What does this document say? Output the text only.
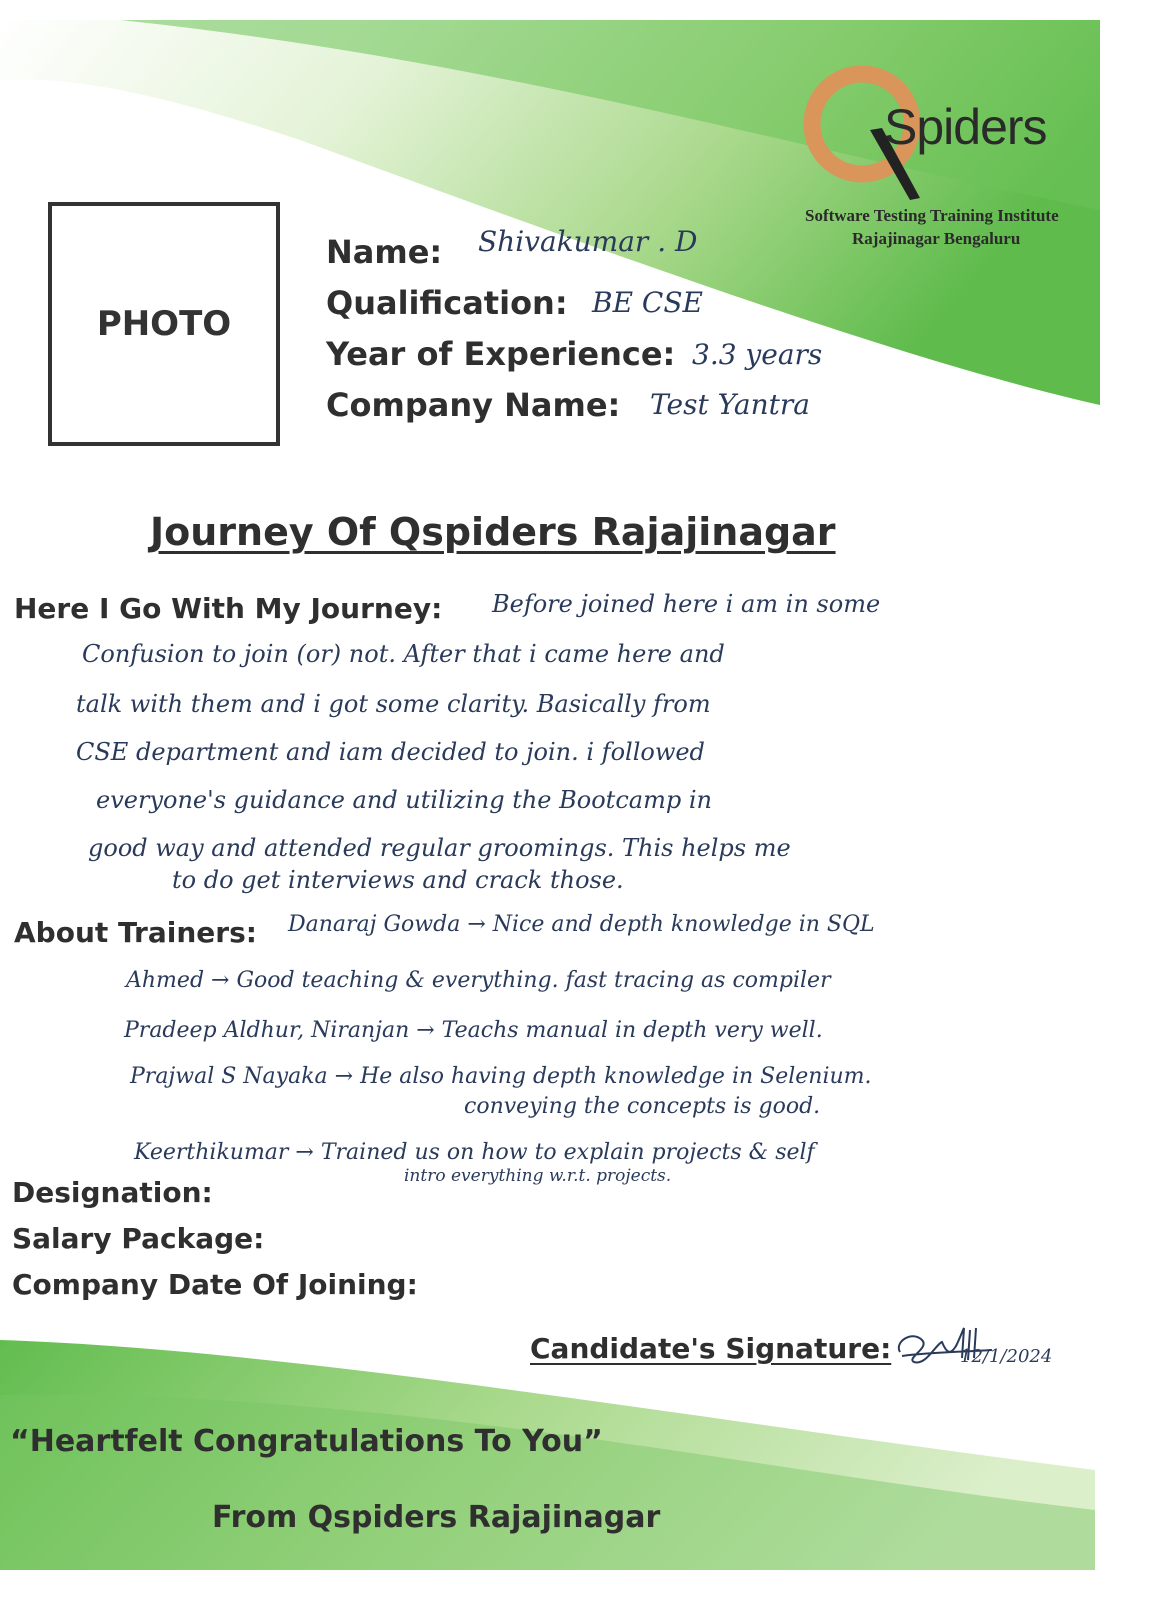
Spiders
Software Testing Training Institute
Rajajinagar Bengaluru
PHOTO
Name: Shivakumar . D
Qualification: BE CSE
Year of Experience: 3.3 years
Company Name: Test Yantra
Journey Of Qspiders Rajajinagar
Here I Go With My Journey: Before joined here i am in some
Confusion to join (or) not. After that i came here and
talk with them and i got some clarity. Basically from
CSE department and iam decided to join. i followed
everyone's guidance and utilizing the Bootcamp in
good way and attended regular groomings. This helps me
to do get interviews and crack those.
About Trainers: Danaraj Gowda → Nice and depth knowledge in SQL
Ahmed → Good teaching & everything. fast tracing as compiler
Pradeep Aldhur, Niranjan → Teachs manual in depth very well.
Prajwal S Nayaka → He also having depth knowledge in Selenium.
conveying the concepts is good.
Keerthikumar → Trained us on how to explain projects & self
intro everything w.r.t. projects.
Designation:
Salary Package:
Company Date Of Joining:
Candidate's Signature:	12/1/2024
“Heartfelt Congratulations To You”
From Qspiders Rajajinagar
